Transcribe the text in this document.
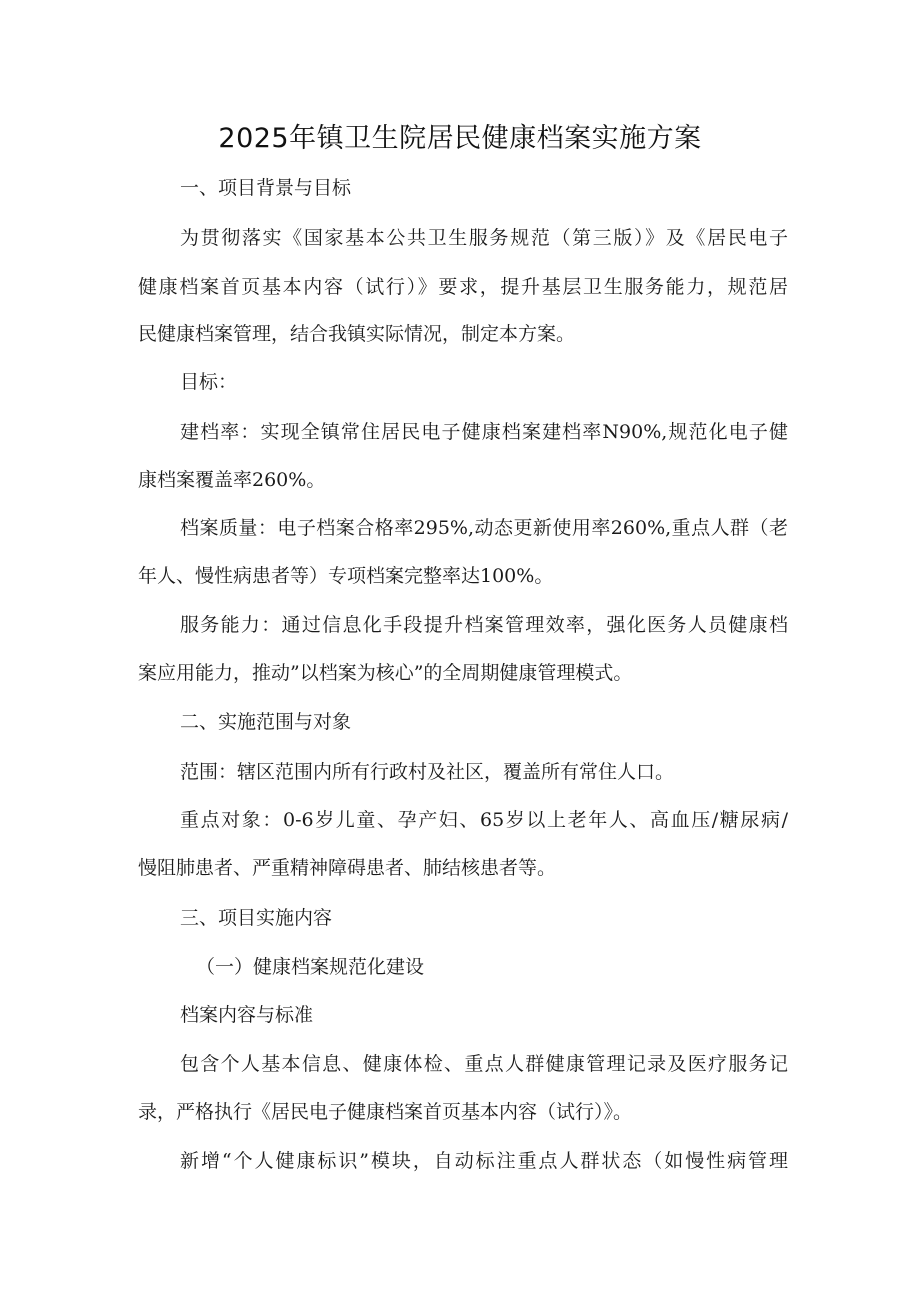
2025年镇卫生院居民健康档案实施方案
一、项目背景与目标
为贯彻落实《国家基本公共卫生服务规范（第三版）》及《居民电子
健康档案首页基本内容（试行）》要求，提升基层卫生服务能力，规范居
民健康档案管理，结合我镇实际情况，制定本方案。
目标：
建档率：实现全镇常住居民电子健康档案建档率N90%,规范化电子健
康档案覆盖率260%。
档案质量：电子档案合格率295%,动态更新使用率260%,重点人群（老
年人、慢性病患者等）专项档案完整率达100%。
服务能力：通过信息化手段提升档案管理效率，强化医务人员健康档
案应用能力，推动”以档案为核心”的全周期健康管理模式。
二、实施范围与对象
范围：辖区范围内所有行政村及社区，覆盖所有常住人口。
重点对象：0-6岁儿童、孕产妇、65岁以上老年人、高血压/糖尿病/
慢阻肺患者、严重精神障碍患者、肺结核患者等。
三、项目实施内容
（一）健康档案规范化建设
档案内容与标准
包含个人基本信息、健康体检、重点人群健康管理记录及医疗服务记
录，严格执行《居民电子健康档案首页基本内容（试行）》。
新增“个人健康标识”模块，自动标注重点人群状态（如慢性病管理
